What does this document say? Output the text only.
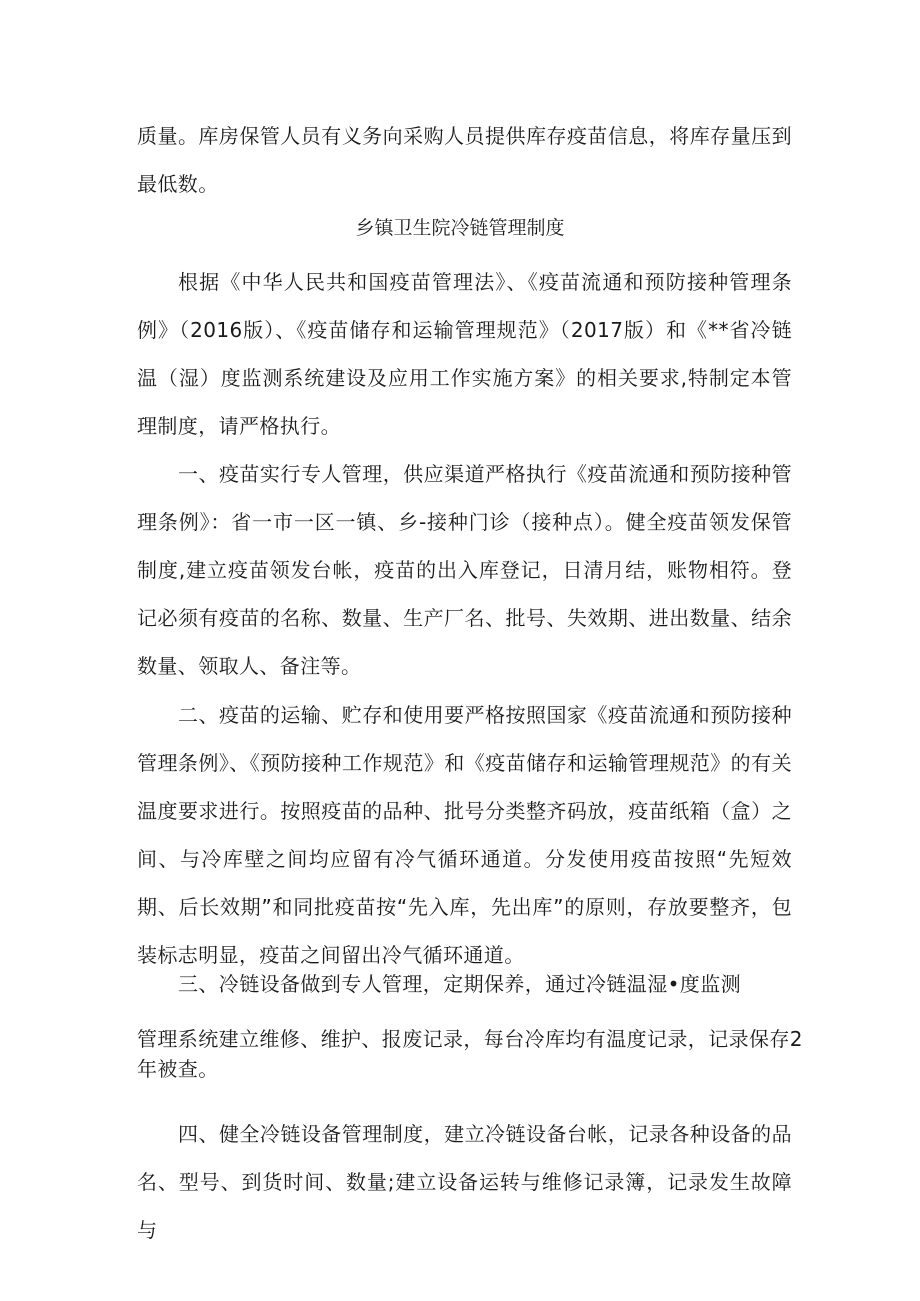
质量。库房保管人员有义务向采购人员提供库存疫苗信息，将库存量压到最低数。

乡镇卫生院冷链管理制度

根据《中华人民共和国疫苗管理法》、《疫苗流通和预防接种管理条例》（2016版）、《疫苗储存和运输管理规范》（2017版）和《**省冷链温（湿）度监测系统建设及应用工作实施方案》的相关要求,特制定本管理制度，请严格执行。

一、疫苗实行专人管理，供应渠道严格执行《疫苗流通和预防接种管理条例》：省一市一区一镇、乡-接种门诊（接种点）。健全疫苗领发保管制度,建立疫苗领发台帐，疫苗的出入库登记，日清月结，账物相符。登记必须有疫苗的名称、数量、生产厂名、批号、失效期、进出数量、结余数量、领取人、备注等。

二、疫苗的运输、贮存和使用要严格按照国家《疫苗流通和预防接种管理条例》、《预防接种工作规范》和《疫苗储存和运输管理规范》的有关温度要求进行。按照疫苗的品种、批号分类整齐码放，疫苗纸箱（盒）之间、与冷库壁之间均应留有冷气循环通道。分发使用疫苗按照“先短效期、后长效期”和同批疫苗按“先入库，先出库”的原则，存放要整齐，包装标志明显，疫苗之间留出冷气循环通道。

三、冷链设备做到专人管理，定期保养，通过冷链温湿•度监测

管理系统建立维修、维护、报废记录，每台冷库均有温度记录，记录保存2

年被查。

四、健全冷链设备管理制度，建立冷链设备台帐，记录各种设备的品名、型号、到货时间、数量;建立设备运转与维修记录簿，记录发生故障与
